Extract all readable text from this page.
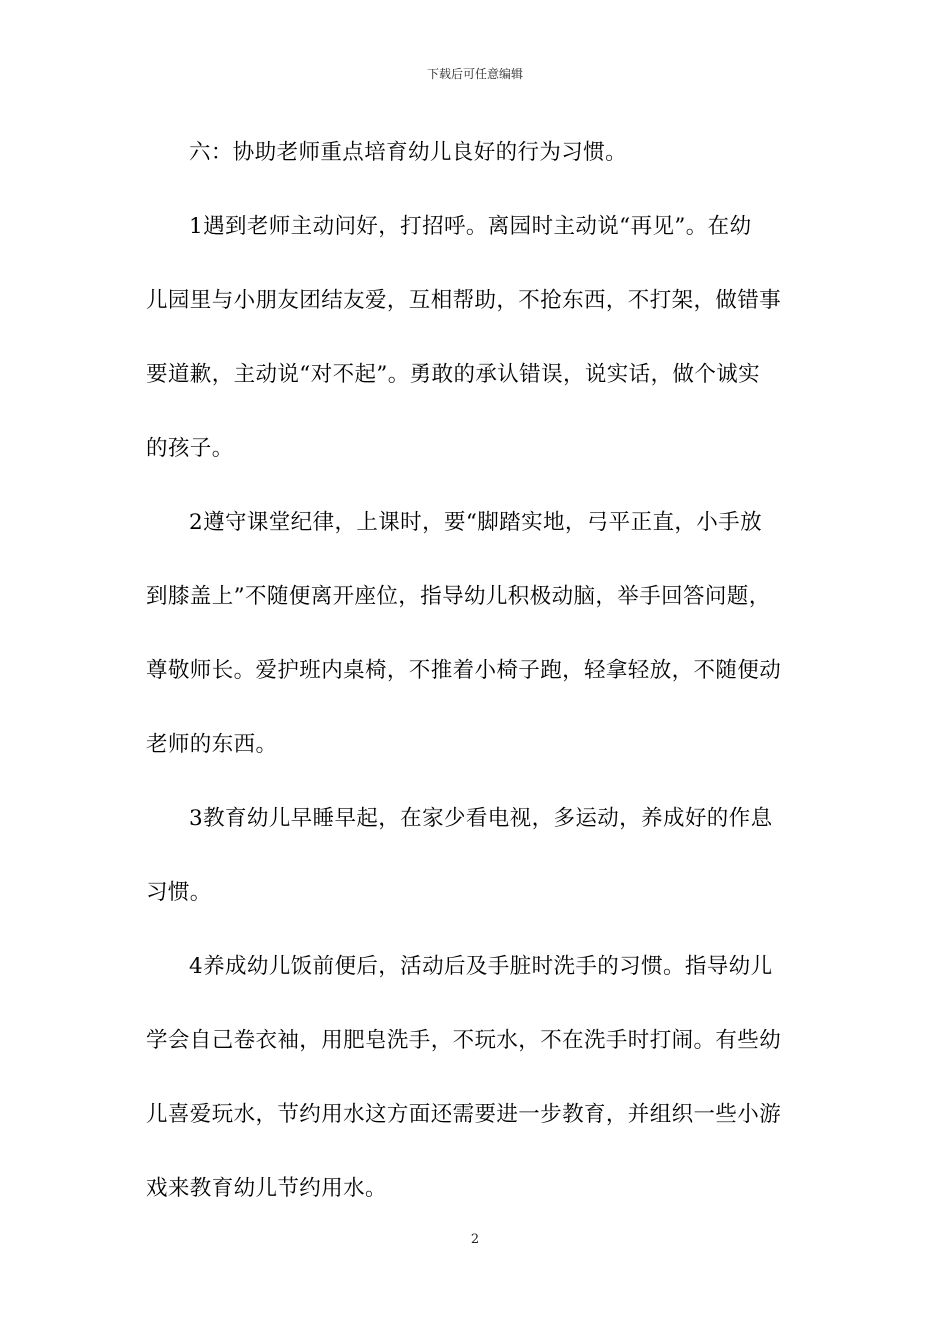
下载后可任意编辑
六：协助老师重点培育幼儿良好的行为习惯。
1遇到老师主动问好，打招呼。离园时主动说“再见”。在幼
儿园里与小朋友团结友爱，互相帮助，不抢东西，不打架，做错事
要道歉，主动说“对不起”。勇敢的承认错误，说实话，做个诚实
的孩子。
2遵守课堂纪律，上课时，要“脚踏实地，弓平正直，小手放
到膝盖上”不随便离开座位，指导幼儿积极动脑，举手回答问题，
尊敬师长。爱护班内桌椅，不推着小椅子跑，轻拿轻放，不随便动
老师的东西。
3教育幼儿早睡早起，在家少看电视，多运动，养成好的作息
习惯。
4养成幼儿饭前便后，活动后及手脏时洗手的习惯。指导幼儿
学会自己卷衣袖，用肥皂洗手，不玩水，不在洗手时打闹。有些幼
儿喜爱玩水，节约用水这方面还需要进一步教育，并组织一些小游
戏来教育幼儿节约用水。
2
